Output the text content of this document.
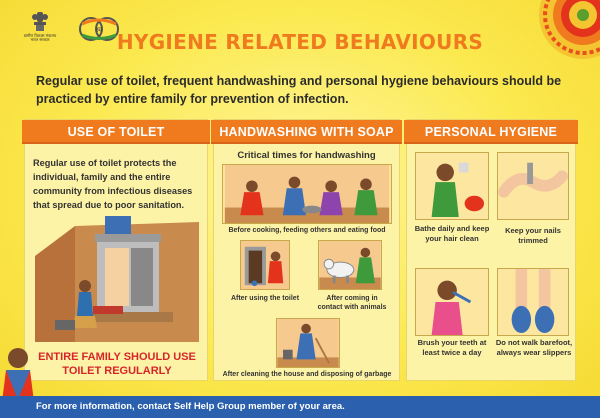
ग्रामीण विकास मंत्रालय भारत सरकार
स्व HYGIENE RELATED BEHAVIOURS
Regular use of toilet, frequent handwashing and personal hygiene behaviours should be practiced by entire family for prevention of infection.
USE OF TOILET
Regular use of toilet protects the individual, family and the entire community from infectious diseases that spread due to poor sanitation.
ENTIRE FAMILY SHOULD USE TOILET REGULARLY
HANDWASHING WITH SOAP
Critical times for handwashing
Before cooking, feeding others and eating food
After using the toilet	After coming in contact with animals
After cleaning the house and disposing of garbage
PERSONAL HYGIENE
Bathe daily and keep your hair clean
Keep your nails trimmed
Brush your teeth at least twice a day
Do not walk barefoot, always wear slippers
For more information, contact Self Help Group member of your area.
